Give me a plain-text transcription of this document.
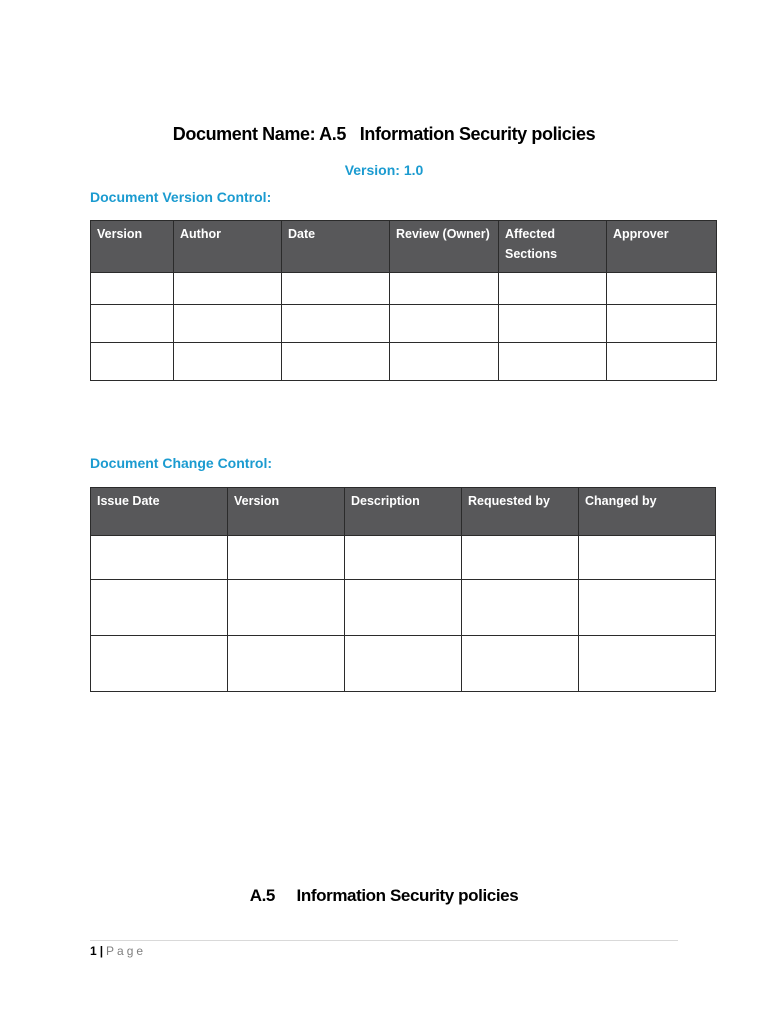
Document Name: A.5   Information Security policies
Version: 1.0
Document Version Control:
Version	Author	Date	Review (Owner)	Affected Sections	Approver

Document Change Control:
Issue Date	Version	Description	Requested by	Changed by

A.5     Information Security policies
1 | Page
